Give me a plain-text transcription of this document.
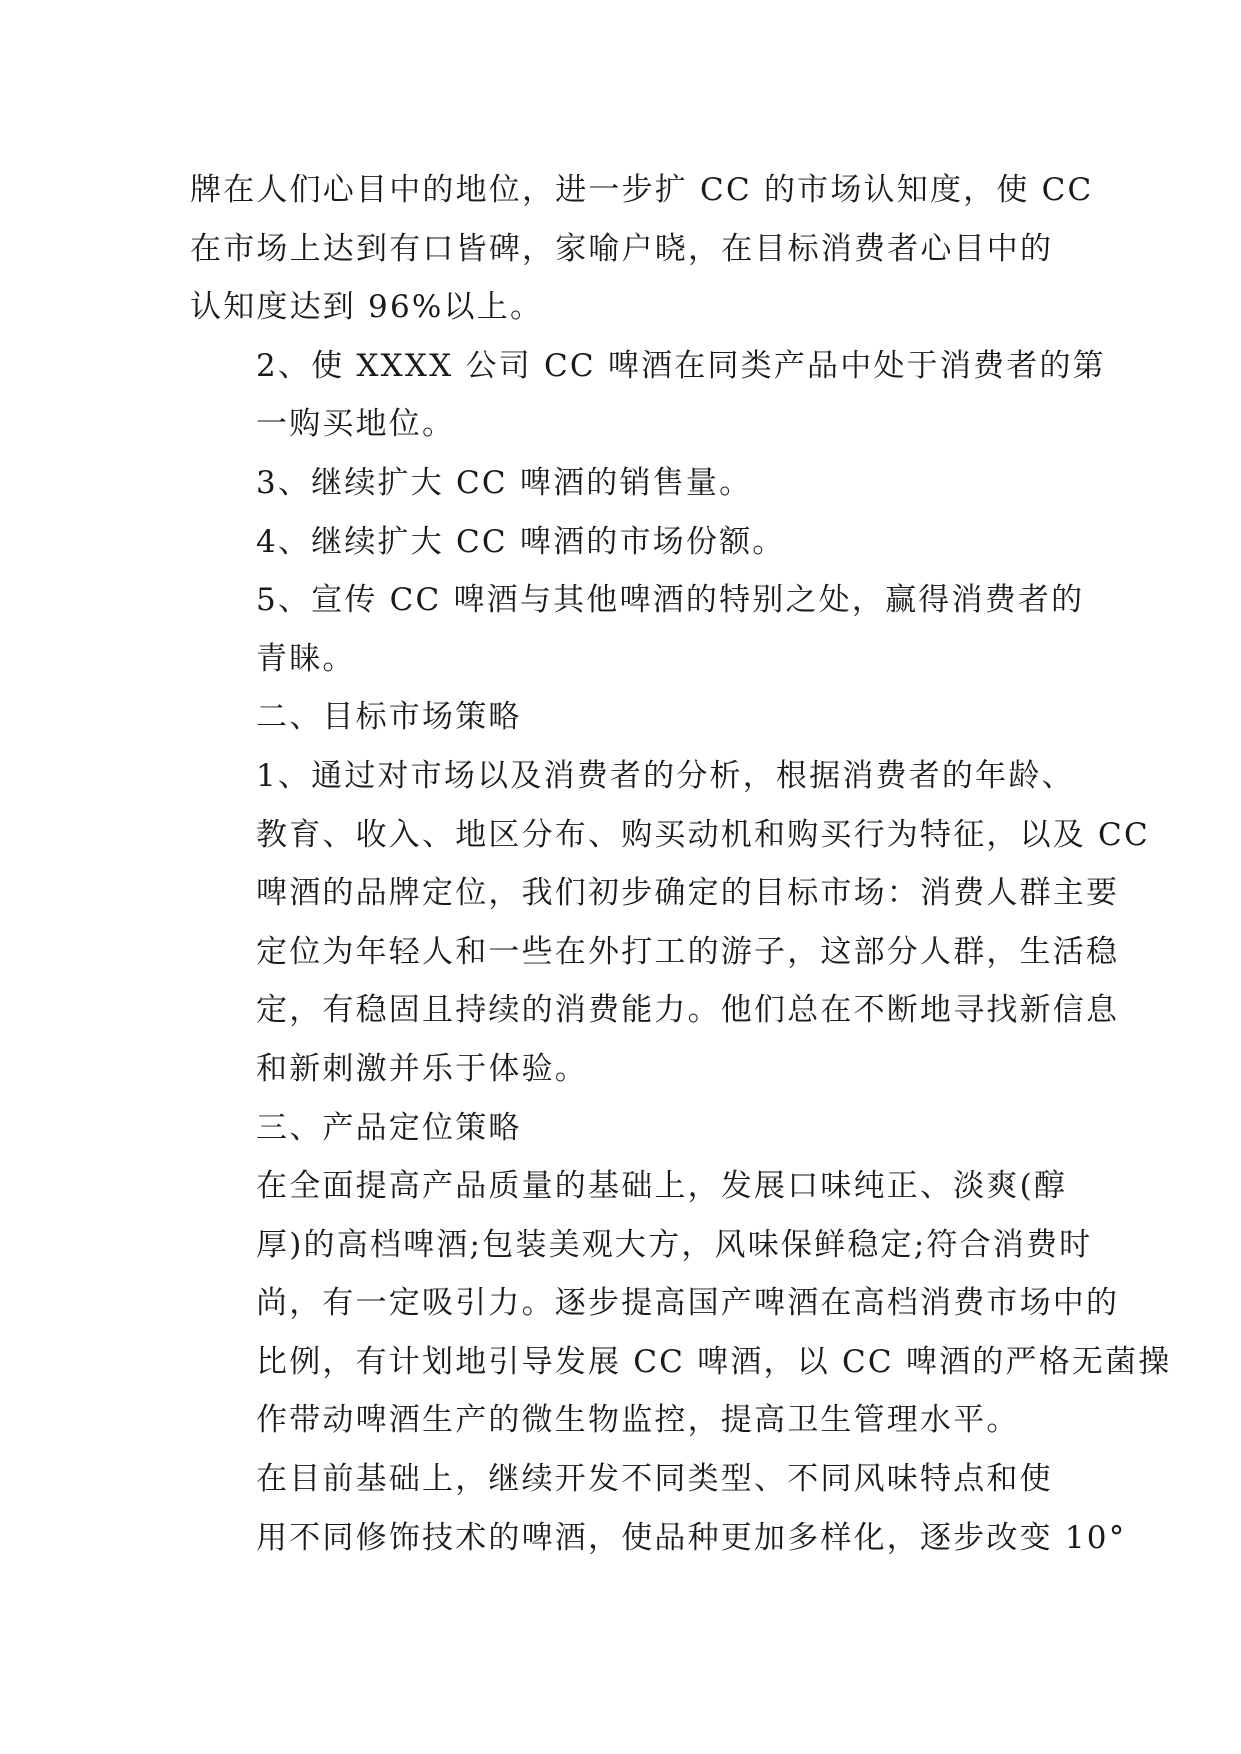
牌在人们心目中的地位，进一步扩 CC 的市场认知度，使 CC
在市场上达到有口皆碑，家喻户晓，在目标消费者心目中的
认知度达到 96%以上。

2、使 XXXX 公司 CC 啤酒在同类产品中处于消费者的第
一购买地位。

3、继续扩大 CC 啤酒的销售量。

4、继续扩大 CC 啤酒的市场份额。

5、宣传 CC 啤酒与其他啤酒的特别之处，赢得消费者的
青睐。

二、目标市场策略

1、通过对市场以及消费者的分析，根据消费者的年龄、
教育、收入、地区分布、购买动机和购买行为特征，以及 CC
啤酒的品牌定位，我们初步确定的目标市场：消费人群主要
定位为年轻人和一些在外打工的游子，这部分人群，生活稳
定，有稳固且持续的消费能力。他们总在不断地寻找新信息
和新刺激并乐于体验。

三、产品定位策略

在全面提高产品质量的基础上，发展口味纯正、淡爽(醇
厚)的高档啤酒;包装美观大方，风味保鲜稳定;符合消费时
尚，有一定吸引力。逐步提高国产啤酒在高档消费市场中的
比例，有计划地引导发展 CC 啤酒，以 CC 啤酒的严格无菌操
作带动啤酒生产的微生物监控，提高卫生管理水平。

在目前基础上，继续开发不同类型、不同风味特点和使
用不同修饰技术的啤酒，使品种更加多样化，逐步改变 10°
